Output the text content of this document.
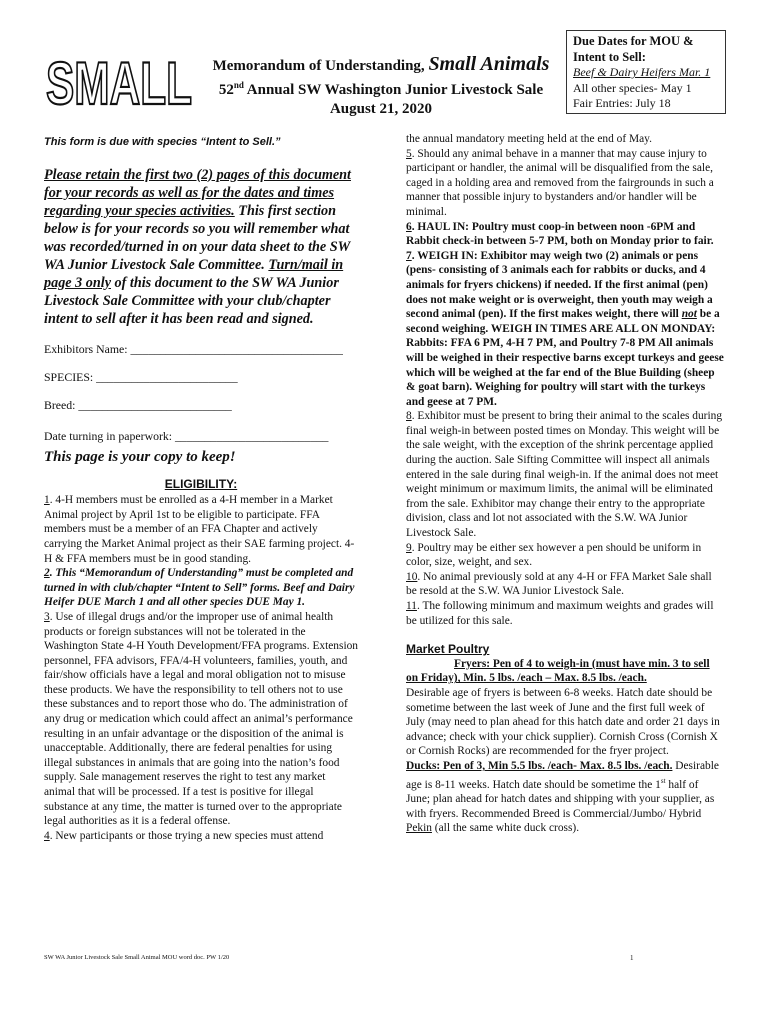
SMALL	Memorandum of Understanding, Small Animals
52nd Annual SW Washington Junior Livestock Sale
August 21, 2020
Due Dates for MOU & Intent to Sell:
Beef & Dairy Heifers Mar. 1
All other species- May 1
Fair Entries: July 18
This form is due with species “Intent to Sell.”
Please retain the first two (2) pages of this document for your records as well as for the dates and times regarding your species activities. This first section below is for your records so you will remember what was recorded/turned in on your data sheet to the SW WA Junior Livestock Sale Committee. Turn/mail in page 3 only of this document to the SW WA Junior Livestock Sale Committee with your club/chapter intent to sell after it has been read and signed.
Exhibitors Name: ____________________________________
SPECIES: ________________________
Breed: __________________________
Date turning in paperwork: __________________________
This page is your copy to keep!
ELIGIBILITY:

1. 4-H members must be enrolled as a 4-H member in a Market Animal project by April 1st to be eligible to participate. FFA members must be a member of an FFA Chapter and actively carrying the Market Animal project as their SAE farming project. 4-H & FFA members must be in good standing.

2. This “Memorandum of Understanding” must be completed and turned in with club/chapter “Intent to Sell” forms. Beef and Dairy Heifer DUE March 1 and all other species DUE May 1.

3. Use of illegal drugs and/or the improper use of animal health products or foreign substances will not be tolerated in the Washington State 4-H Youth Development/FFA programs. Extension personnel, FFA advisors, FFA/4-H volunteers, families, youth, and fair/show officials have a legal and moral obligation not to misuse these products. We have the responsibility to tell others not to use these substances and to report those who do. The administration of any drug or medication which could affect an animal’s performance resulting in an unfair advantage or the disposition of the animal is unacceptable. Additionally, there are federal penalties for using illegal substances in animals that are going into the nation’s food supply. Sale management reserves the right to test any market animal that will be processed. If a test is positive for illegal substance at any time, the matter is turned over to the appropriate legal authorities as it is a federal offense.

4. New participants or those trying a new species must attend

the annual mandatory meeting held at the end of May.

5. Should any animal behave in a manner that may cause injury to participant or handler, the animal will be disqualified from the sale, caged in a holding area and removed from the fairgrounds in such a manner that possible injury to bystanders and/or handler will be minimal.

6. HAUL IN: Poultry must coop-in between noon -6PM and Rabbit check-in between 5-7 PM, both on Monday prior to fair.

7. WEIGH IN: Exhibitor may weigh two (2) animals or pens (pens- consisting of 3 animals each for rabbits or ducks, and 4 animals for fryers chickens) if needed. If the first animal (pen) does not make weight or is overweight, then youth may weigh a second animal (pen). If the first makes weight, there will not be a second weighing. WEIGH IN TIMES ARE ALL ON MONDAY: Rabbits: FFA 6 PM, 4-H 7 PM, and Poultry 7-8 PM All animals will be weighed in their respective barns except turkeys and geese which will be weighed at the far end of the Blue Building (sheep & goat barn). Weighing for poultry will start with the turkeys and geese at 7 PM.

8. Exhibitor must be present to bring their animal to the scales during final weigh-in between posted times on Monday. This weight will be the sale weight, with the exception of the shrink percentage applied during the auction. Sale Sifting Committee will inspect all animals entered in the sale during final weigh-in. If the animal does not meet weight minimum or maximum limits, the animal will be eliminated from the sale. Exhibitor may change their entry to the appropriate division, class and lot not associated with the S.W. WA Junior Livestock Sale.

9. Poultry may be either sex however a pen should be uniform in color, size, weight, and sex.

10. No animal previously sold at any 4-H or FFA Market Sale shall be resold at the S.W. WA Junior Livestock Sale.

11. The following minimum and maximum weights and grades will be utilized for this sale.

Market Poultry

Fryers: Pen of 4 to weigh-in (must have min. 3 to sell on Friday), Min. 5 lbs. /each – Max. 8.5 lbs. /each.

Desirable age of fryers is between 6-8 weeks. Hatch date should be sometime between the last week of June and the first full week of July (may need to plan ahead for this hatch date and order 21 days in advance; check with your chick supplier). Cornish Cross (Cornish X or Cornish Rocks) are recommended for the fryer project.

Ducks: Pen of 3, Min 5.5 lbs. /each- Max. 8.5 lbs. /each. Desirable age is 8-11 weeks. Hatch date should be sometime the 1st half of June; plan ahead for hatch dates and shipping with your supplier, as with fryers. Recommended Breed is Commercial/Jumbo/ Hybrid Pekin (all the same white duck cross).

SW WA Junior Livestock Sale Small Animal MOU word doc. PW 1/20	1
